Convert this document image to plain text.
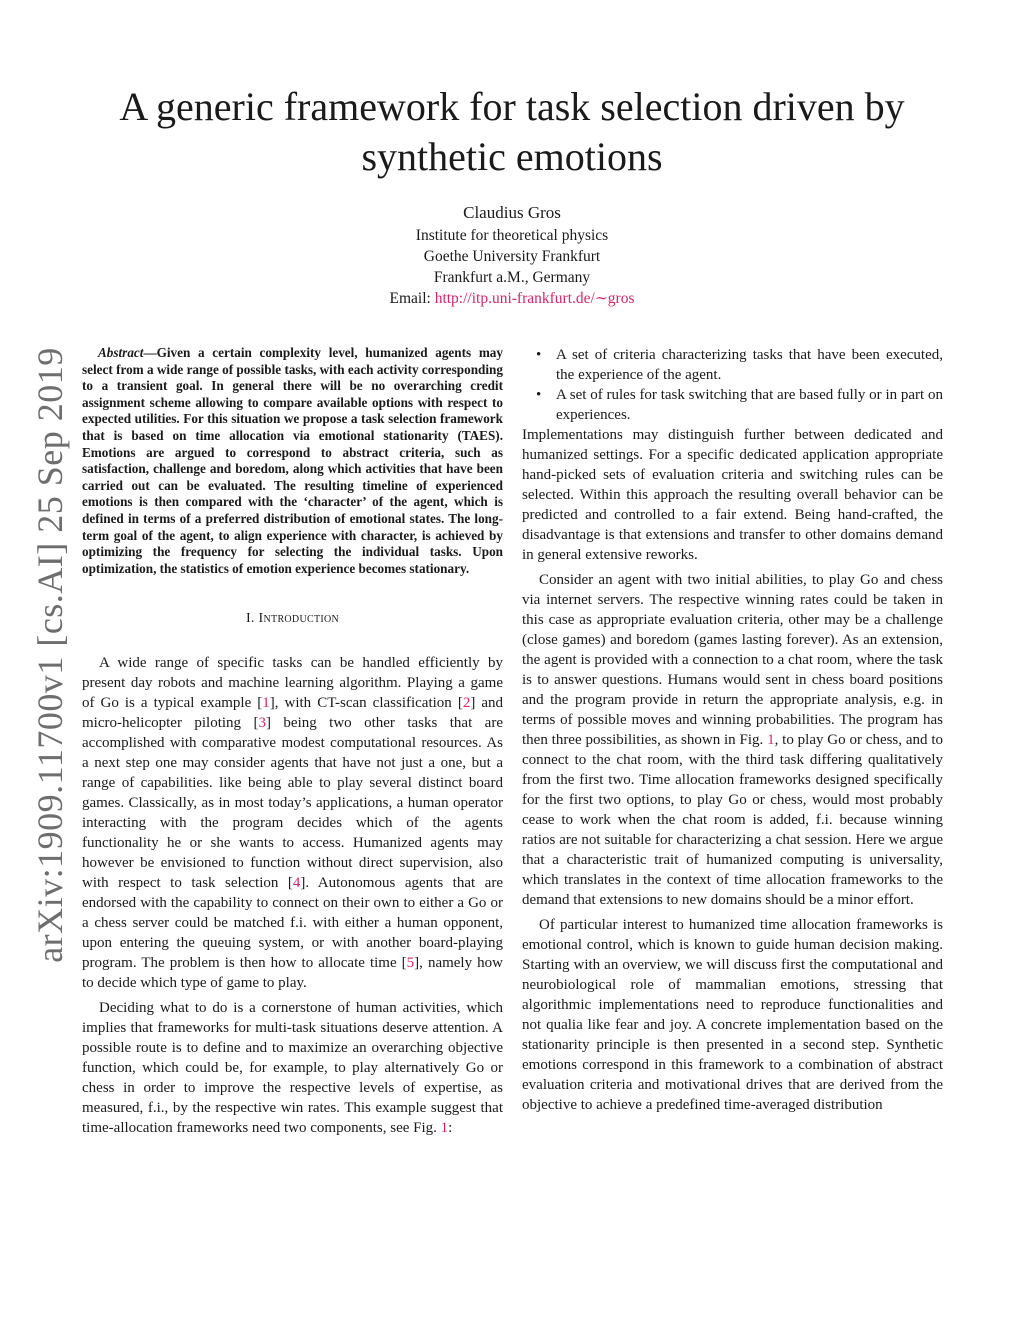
arXiv:1909.11700v1 [cs.AI] 25 Sep 2019
A generic framework for task selection driven by
synthetic emotions
Claudius Gros
Institute for theoretical physics
Goethe University Frankfurt
Frankfurt a.M., Germany
Email: http://itp.uni-frankfurt.de/∼gros

Abstract—Given a certain complexity level, humanized agents may select from a wide range of possible tasks, with each activity corresponding to a transient goal. In general there will be no overarching credit assignment scheme allowing to compare available options with respect to expected utilities. For this situation we propose a task selection framework that is based on time allocation via emotional stationarity (TAES). Emotions are argued to correspond to abstract criteria, such as satisfaction, challenge and boredom, along which activities that have been carried out can be evaluated. The resulting timeline of experienced emotions is then compared with the ‘character’ of the agent, which is defined in terms of a preferred distribution of emotional states. The long-term goal of the agent, to align experience with character, is achieved by optimizing the frequency for selecting the individual tasks. Upon optimization, the statistics of emotion experience becomes stationary.

I. Introduction

A wide range of specific tasks can be handled efficiently by present day robots and machine learning algorithm. Playing a game of Go is a typical example [1], with CT-scan classification [2] and micro-helicopter piloting [3] being two other tasks that are accomplished with comparative modest computational resources. As a next step one may consider agents that have not just a one, but a range of capabilities. like being able to play several distinct board games. Classically, as in most today’s applications, a human operator interacting with the program decides which of the agents functionality he or she wants to access. Humanized agents may however be envisioned to function without direct supervision, also with respect to task selection [4]. Autonomous agents that are endorsed with the capability to connect on their own to either a Go or a chess server could be matched f.i. with either a human opponent, upon entering the queuing system, or with another board-playing program. The problem is then how to allocate time [5], namely how to decide which type of game to play.

Deciding what to do is a cornerstone of human activities, which implies that frameworks for multi-task situations deserve attention. A possible route is to define and to maximize an overarching objective function, which could be, for example, to play alternatively Go or chess in order to improve the respective levels of expertise, as measured, f.i., by the respective win rates. This example suggest that time-allocation frameworks need two components, see Fig. 1:

• A set of criteria characterizing tasks that have been executed, the experience of the agent.
• A set of rules for task switching that are based fully or in part on experiences.

Implementations may distinguish further between dedicated and humanized settings. For a specific dedicated application appropriate hand-picked sets of evaluation criteria and switching rules can be selected. Within this approach the resulting overall behavior can be predicted and controlled to a fair extend. Being hand-crafted, the disadvantage is that extensions and transfer to other domains demand in general extensive reworks.

Consider an agent with two initial abilities, to play Go and chess via internet servers. The respective winning rates could be taken in this case as appropriate evaluation criteria, other may be a challenge (close games) and boredom (games lasting forever). As an extension, the agent is provided with a connection to a chat room, where the task is to answer questions. Humans would sent in chess board positions and the program provide in return the appropriate analysis, e.g. in terms of possible moves and winning probabilities. The program has then three possibilities, as shown in Fig. 1, to play Go or chess, and to connect to the chat room, with the third task differing qualitatively from the first two. Time allocation frameworks designed specifically for the first two options, to play Go or chess, would most probably cease to work when the chat room is added, f.i. because winning ratios are not suitable for characterizing a chat session. Here we argue that a characteristic trait of humanized computing is universality, which translates in the context of time allocation frameworks to the demand that extensions to new domains should be a minor effort.

Of particular interest to humanized time allocation frameworks is emotional control, which is known to guide human decision making. Starting with an overview, we will discuss first the computational and neurobiological role of mammalian emotions, stressing that algorithmic implementations need to reproduce functionalities and not qualia like fear and joy. A concrete implementation based on the stationarity principle is then presented in a second step. Synthetic emotions correspond in this framework to a combination of abstract evaluation criteria and motivational drives that are derived from the objective to achieve a predefined time-averaged distribution
